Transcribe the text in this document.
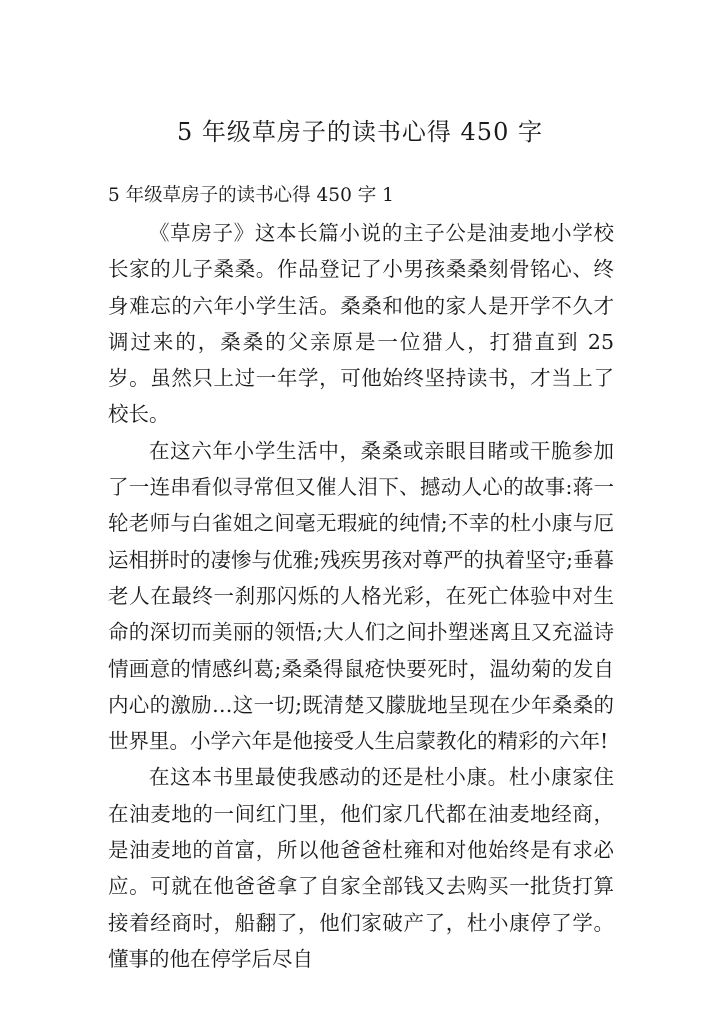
5 年级草房子的读书心得 450 字
5 年级草房子的读书心得 450 字 1

《草房子》这本长篇小说的主子公是油麦地小学校长家的儿子桑桑。作品登记了小男孩桑桑刻骨铭心、终身难忘的六年小学生活。桑桑和他的家人是开学不久才调过来的，桑桑的父亲原是一位猎人，打猎直到 25 岁。虽然只上过一年学，可他始终坚持读书，才当上了校长。

在这六年小学生活中，桑桑或亲眼目睹或干脆参加了一连串看似寻常但又催人泪下、撼动人心的故事:蒋一轮老师与白雀姐之间毫无瑕疵的纯情;不幸的杜小康与厄运相拼时的凄惨与优雅;残疾男孩对尊严的执着坚守;垂暮老人在最终一刹那闪烁的人格光彩，在死亡体验中对生命的深切而美丽的领悟;大人们之间扑塑迷离且又充溢诗情画意的情感纠葛;桑桑得鼠疮快要死时，温幼菊的发自内心的激励…这一切;既清楚又朦胧地呈现在少年桑桑的世界里。小学六年是他接受人生启蒙教化的精彩的六年!

在这本书里最使我感动的还是杜小康。杜小康家住在油麦地的一间红门里，他们家几代都在油麦地经商，是油麦地的首富，所以他爸爸杜雍和对他始终是有求必应。可就在他爸爸拿了自家全部钱又去购买一批货打算接着经商时，船翻了，他们家破产了，杜小康停了学。懂事的他在停学后尽自
